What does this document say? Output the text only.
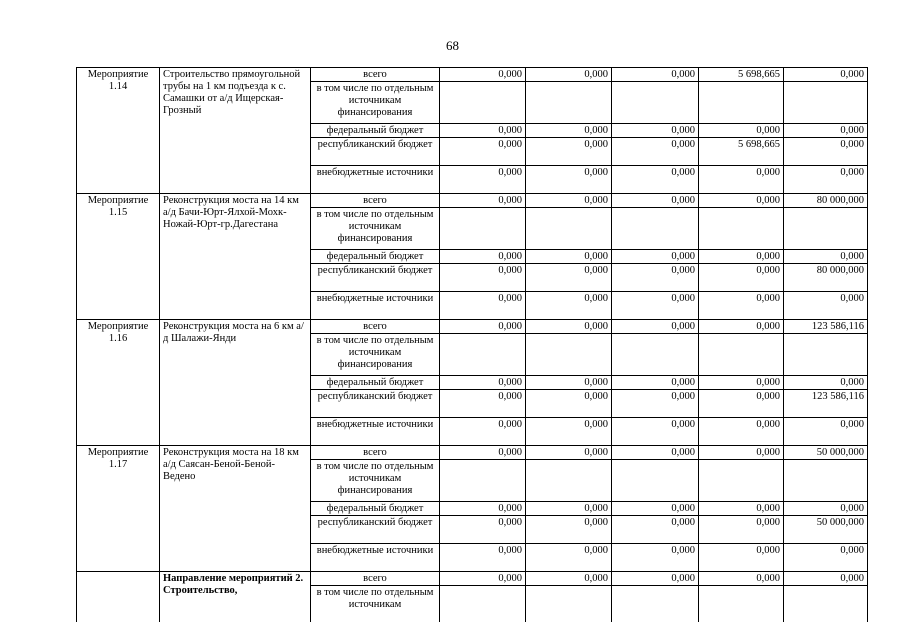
68
Мероприятие 1.14	Строительство прямоугольной трубы на 1 км подъезда к с. Самашки от а/д Ищерская-Грозный	всего	0,000	0,000	0,000	5 698,665	0,000
		в том числе по отдельным источникам финансирования					
		федеральный бюджет	0,000	0,000	0,000	0,000	0,000
		республиканский бюджет	0,000	0,000	0,000	5 698,665	0,000
		внебюджетные источники	0,000	0,000	0,000	0,000	0,000
Мероприятие 1.15	Реконструкция моста на 14 км а/д Бачи-Юрт-Ялхой-Мохк-Ножай-Юрт-гр.Дагестана	всего	0,000	0,000	0,000	0,000	80 000,000
		в том числе по отдельным источникам финансирования					
		федеральный бюджет	0,000	0,000	0,000	0,000	0,000
		республиканский бюджет	0,000	0,000	0,000	0,000	80 000,000
		внебюджетные источники	0,000	0,000	0,000	0,000	0,000
Мероприятие 1.16	Реконструкция моста на 6 км а/д Шалажи-Янди	всего	0,000	0,000	0,000	0,000	123 586,116
		в том числе по отдельным источникам финансирования					
		федеральный бюджет	0,000	0,000	0,000	0,000	0,000
		республиканский бюджет	0,000	0,000	0,000	0,000	123 586,116
		внебюджетные источники	0,000	0,000	0,000	0,000	0,000
Мероприятие 1.17	Реконструкция моста на 18 км а/д Саясан-Беной-Беной-Ведено	всего	0,000	0,000	0,000	0,000	50 000,000
		в том числе по отдельным источникам финансирования					
		федеральный бюджет	0,000	0,000	0,000	0,000	0,000
		республиканский бюджет	0,000	0,000	0,000	0,000	50 000,000
		внебюджетные источники	0,000	0,000	0,000	0,000	0,000
	Направление мероприятий 2. Строительство,	всего	0,000	0,000	0,000	0,000	0,000
		в том числе по отдельным источникам					
